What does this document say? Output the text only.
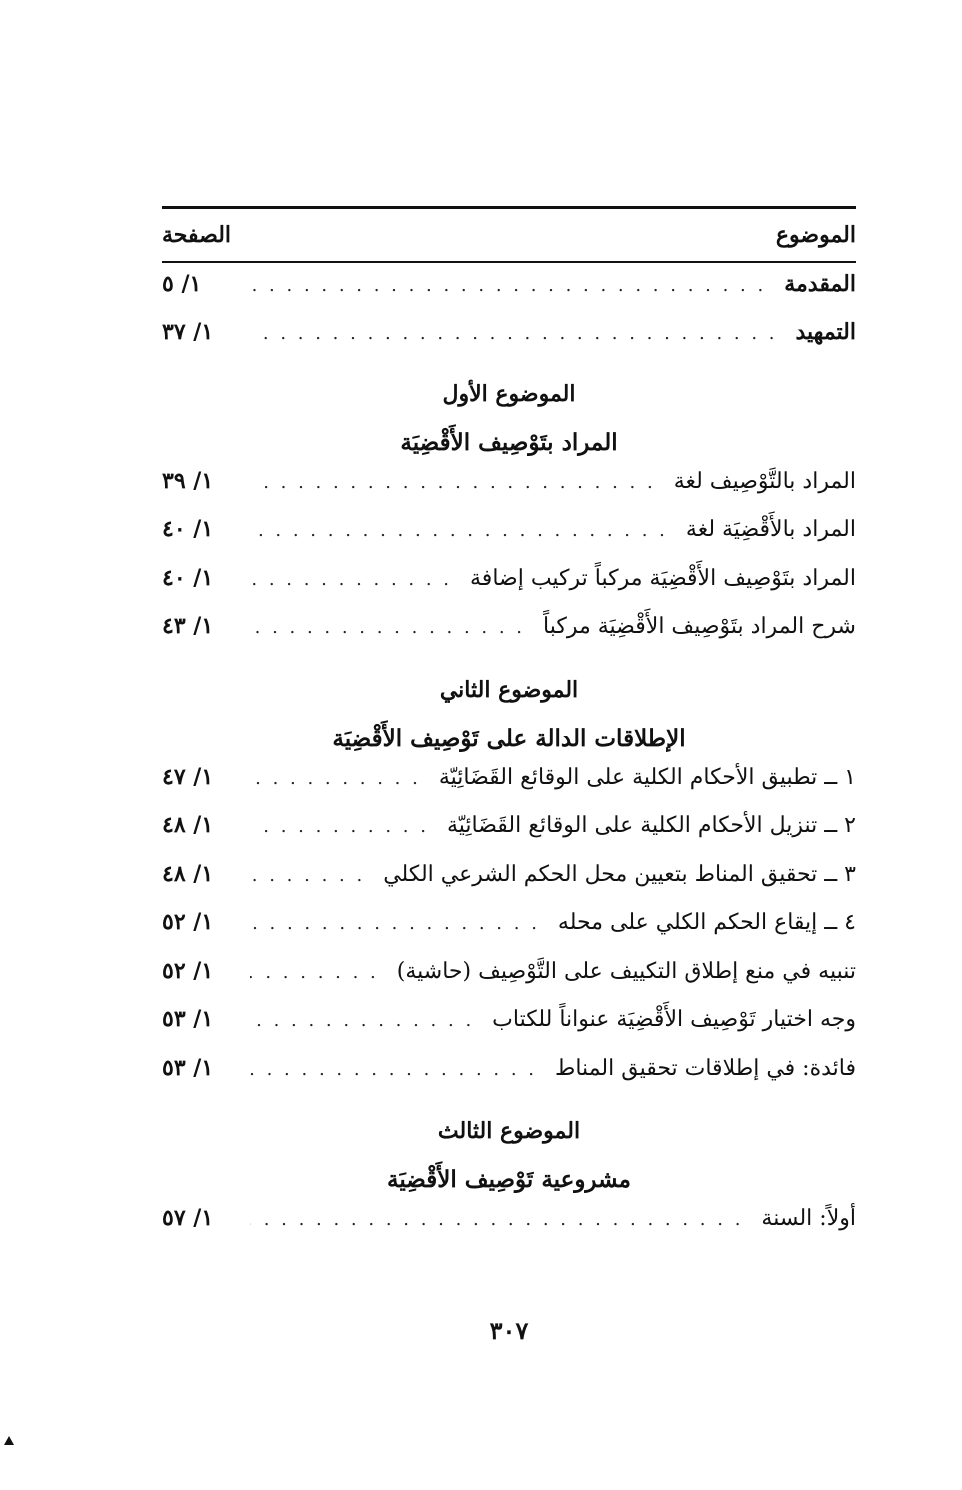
الموضوع
الصفحة
المقدمة
. . .
١/ ٥
التمهيد
. . .
١/ ٣٧
الموضوع الأول
المراد بتَوْصِيف الأَقْضِيَة
المراد بالتَّوْصِيف لغة
. . .
١/ ٣٩
المراد بالأَقْضِيَة لغة
. . .
١/ ٤٠
المراد بتَوْصِيف الأَقْضِيَة مركباً تركيب إضافة
. . .
١/ ٤٠
شرح المراد بتَوْصِيف الأَقْضِيَة مركباً
. . .
١/ ٤٣
الموضوع الثاني
الإطلاقات الدالة على تَوْصِيف الأَقْضِيَة
١ ــ تطبيق الأحكام الكلية على الوقائع القَضَائِيّة
. . .
١/ ٤٧
٢ ــ تنزيل الأحكام الكلية على الوقائع القَضَائِيّة
. . .
١/ ٤٨
٣ ــ تحقيق المناط بتعيين محل الحكم الشرعي الكلي
. . .
١/ ٤٨
٤ ــ إيقاع الحكم الكلي على محله
. . .
١/ ٥٢
تنبيه في منع إطلاق التكييف على التَّوْصِيف (حاشية)
. . .
١/ ٥٢
وجه اختيار تَوْصِيف الأَقْضِيَة عنواناً للكتاب
. . .
١/ ٥٣
فائدة: في إطلاقات تحقيق المناط
. . .
١/ ٥٣
الموضوع الثالث
مشروعية تَوْصِيف الأَقْضِيَة
أولاً: السنة
. . .
١/ ٥٧
٣٠٧
